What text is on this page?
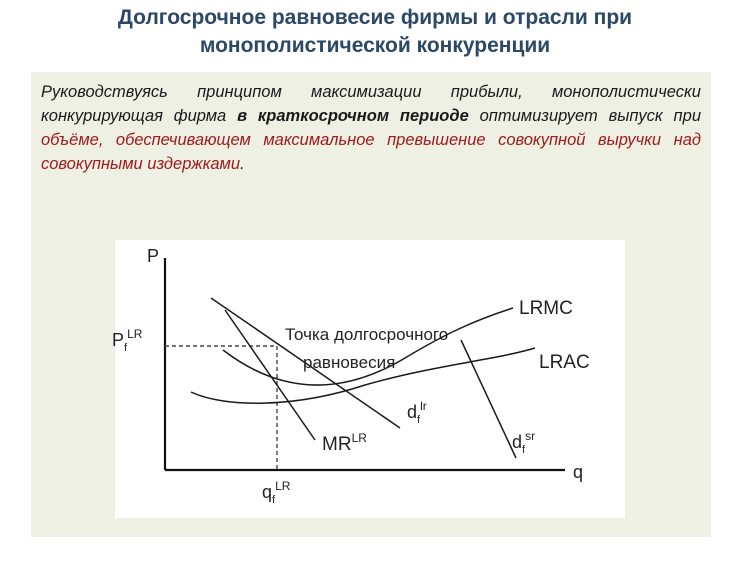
Долгосрочное равновесие фирмы и отрасли при
монополистической конкуренции
Руководствуясь принципом максимизации прибыли, монополистически конкурирующая фирма в краткосрочном периоде оптимизирует выпуск при объёме, обеспечивающем максимальное превышение совокупной выручки над совокупными издержками.
P
q
$P_f^{LR}$
$q_f^{LR}$
Точка долгосрочного
равновесия
LRMC
LRAC
$MR^{LR}$
$d_f^{lr}$
$d_f^{sr}$
